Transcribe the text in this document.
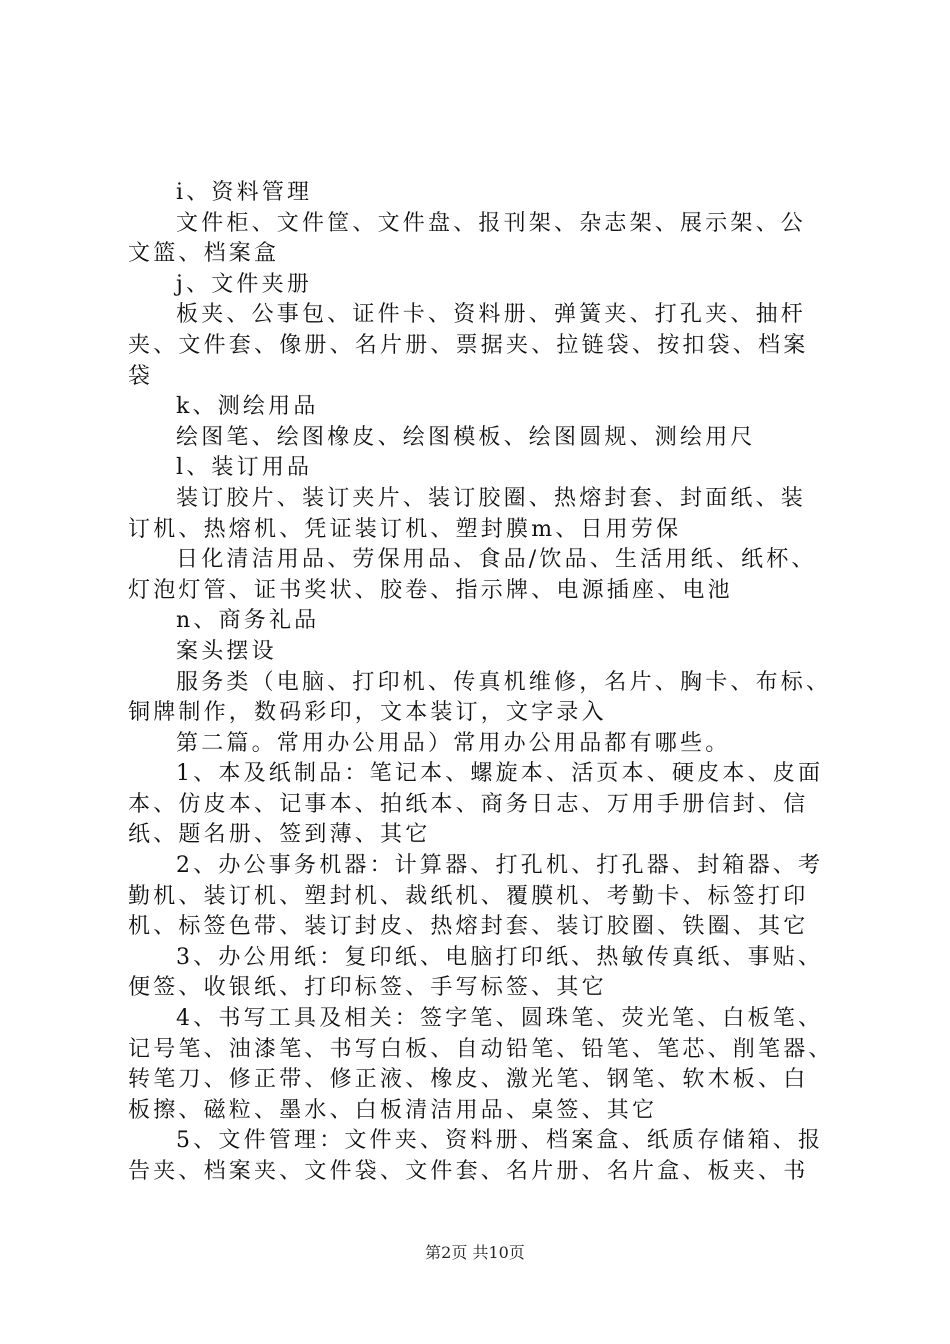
i、资料管理
文件柜、文件筐、文件盘、报刊架、杂志架、展示架、公
文篮、档案盒
j、文件夹册
板夹、公事包、证件卡、资料册、弹簧夹、打孔夹、抽杆
夹、文件套、像册、名片册、票据夹、拉链袋、按扣袋、档案
袋
k、测绘用品
绘图笔、绘图橡皮、绘图模板、绘图圆规、测绘用尺
l、装订用品
装订胶片、装订夹片、装订胶圈、热熔封套、封面纸、装
订机、热熔机、凭证装订机、塑封膜m、日用劳保
日化清洁用品、劳保用品、食品/饮品、生活用纸、纸杯、
灯泡灯管、证书奖状、胶卷、指示牌、电源插座、电池
n、商务礼品
案头摆设
服务类（电脑、打印机、传真机维修，名片、胸卡、布标、
铜牌制作，数码彩印，文本装订，文字录入
第二篇。常用办公用品）常用办公用品都有哪些。
1、本及纸制品：笔记本、螺旋本、活页本、硬皮本、皮面
本、仿皮本、记事本、拍纸本、商务日志、万用手册信封、信
纸、题名册、签到薄、其它
2、办公事务机器：计算器、打孔机、打孔器、封箱器、考
勤机、装订机、塑封机、裁纸机、覆膜机、考勤卡、标签打印
机、标签色带、装订封皮、热熔封套、装订胶圈、铁圈、其它
3、办公用纸：复印纸、电脑打印纸、热敏传真纸、事贴、
便签、收银纸、打印标签、手写标签、其它
4、书写工具及相关：签字笔、圆珠笔、荧光笔、白板笔、
记号笔、油漆笔、书写白板、自动铅笔、铅笔、笔芯、削笔器、
转笔刀、修正带、修正液、橡皮、激光笔、钢笔、软木板、白
板擦、磁粒、墨水、白板清洁用品、桌签、其它
5、文件管理：文件夹、资料册、档案盒、纸质存储箱、报
告夹、档案夹、文件袋、文件套、名片册、名片盒、板夹、书
第2页 共10页
